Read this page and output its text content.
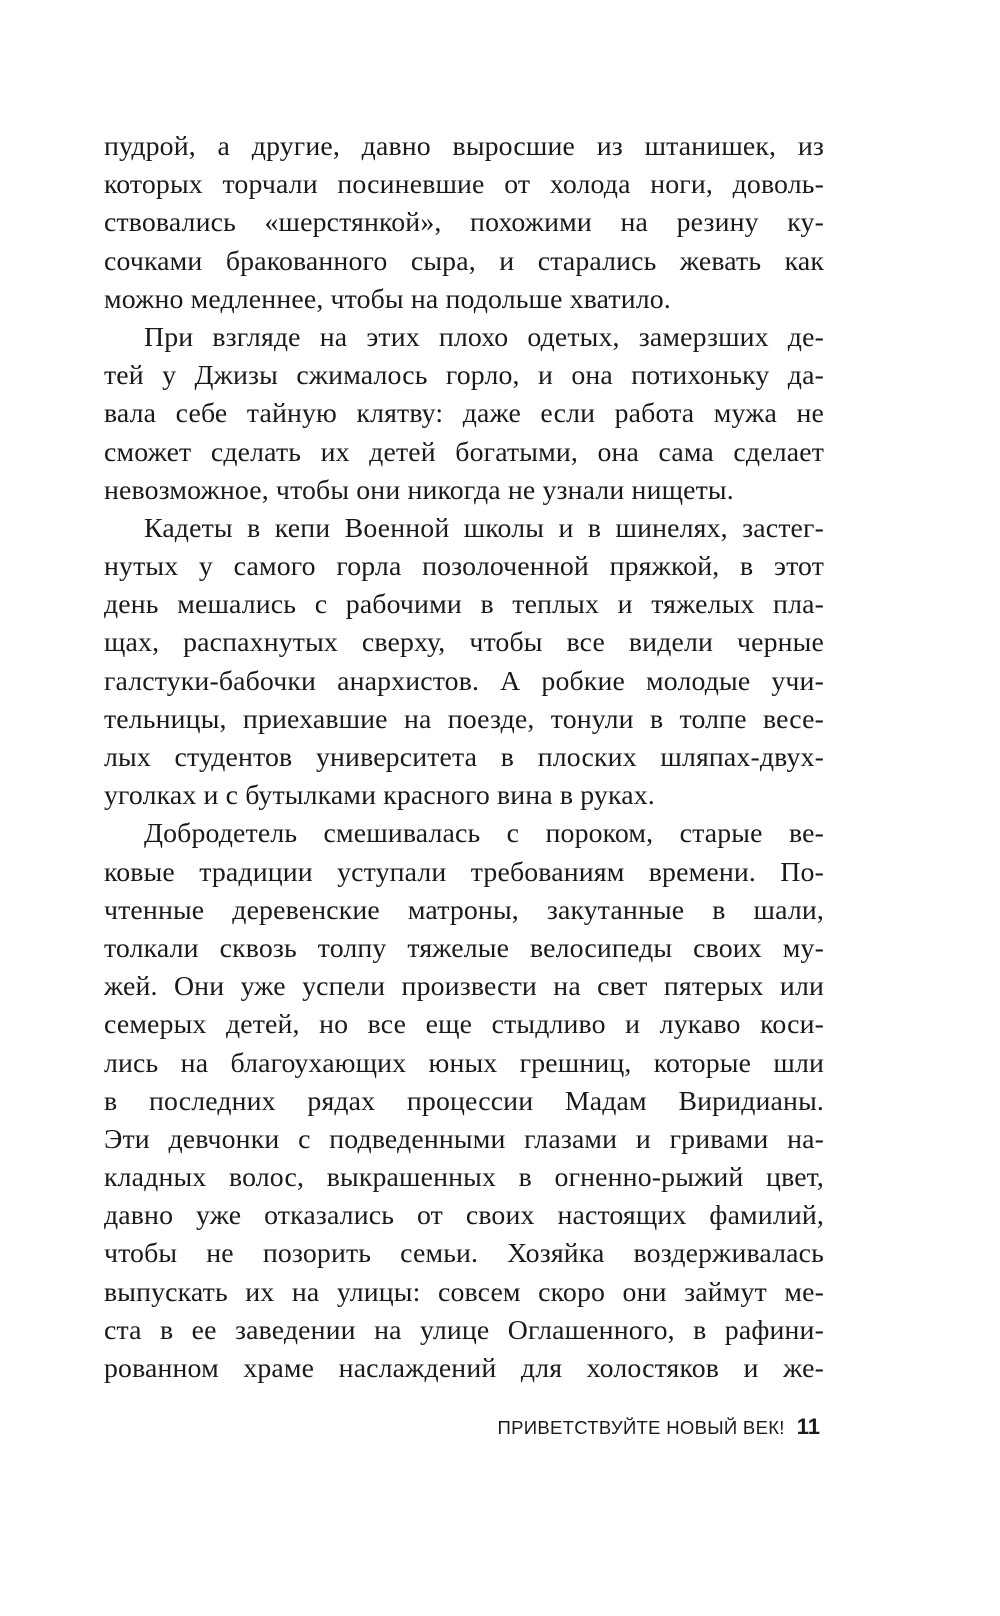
пудрой, а другие, давно выросшие из штанишек, из
которых торчали посиневшие от холода ноги, доволь-
ствовались «шерстянкой», похожими на резину ку-
сочками бракованного сыра, и старались жевать как
можно медленнее, чтобы на подольше хватило.
При взгляде на этих плохо одетых, замерзших де-
тей у Джизы сжималось горло, и она потихоньку да-
вала себе тайную клятву: даже если работа мужа не
сможет сделать их детей богатыми, она сама сделает
невозможное, чтобы они никогда не узнали нищеты.
Кадеты в кепи Военной школы и в шинелях, застег-
нутых у самого горла позолоченной пряжкой, в этот
день мешались с рабочими в теплых и тяжелых пла-
щах, распахнутых сверху, чтобы все видели черные
галстуки-бабочки анархистов. А робкие молодые учи-
тельницы, приехавшие на поезде, тонули в толпе весе-
лых студентов университета в плоских шляпах-двух-
уголках и с бутылками красного вина в руках.
Добродетель смешивалась с пороком, старые ве-
ковые традиции уступали требованиям времени. По-
чтенные деревенские матроны, закутанные в шали,
толкали сквозь толпу тяжелые велосипеды своих му-
жей. Они уже успели произвести на свет пятерых или
семерых детей, но все еще стыдливо и лукаво коси-
лись на благоухающих юных грешниц, которые шли
в последних рядах процессии Мадам Виридианы.
Эти девчонки с подведенными глазами и гривами на-
кладных волос, выкрашенных в огненно-рыжий цвет,
давно уже отказались от своих настоящих фамилий,
чтобы не позорить семьи. Хозяйка воздерживалась
выпускать их на улицы: совсем скоро они займут ме-
ста в ее заведении на улице Оглашенного, в рафини-
рованном храме наслаждений для холостяков и же-
ПРИВЕТСТВУЙТЕ НОВЫЙ ВЕК! 11
